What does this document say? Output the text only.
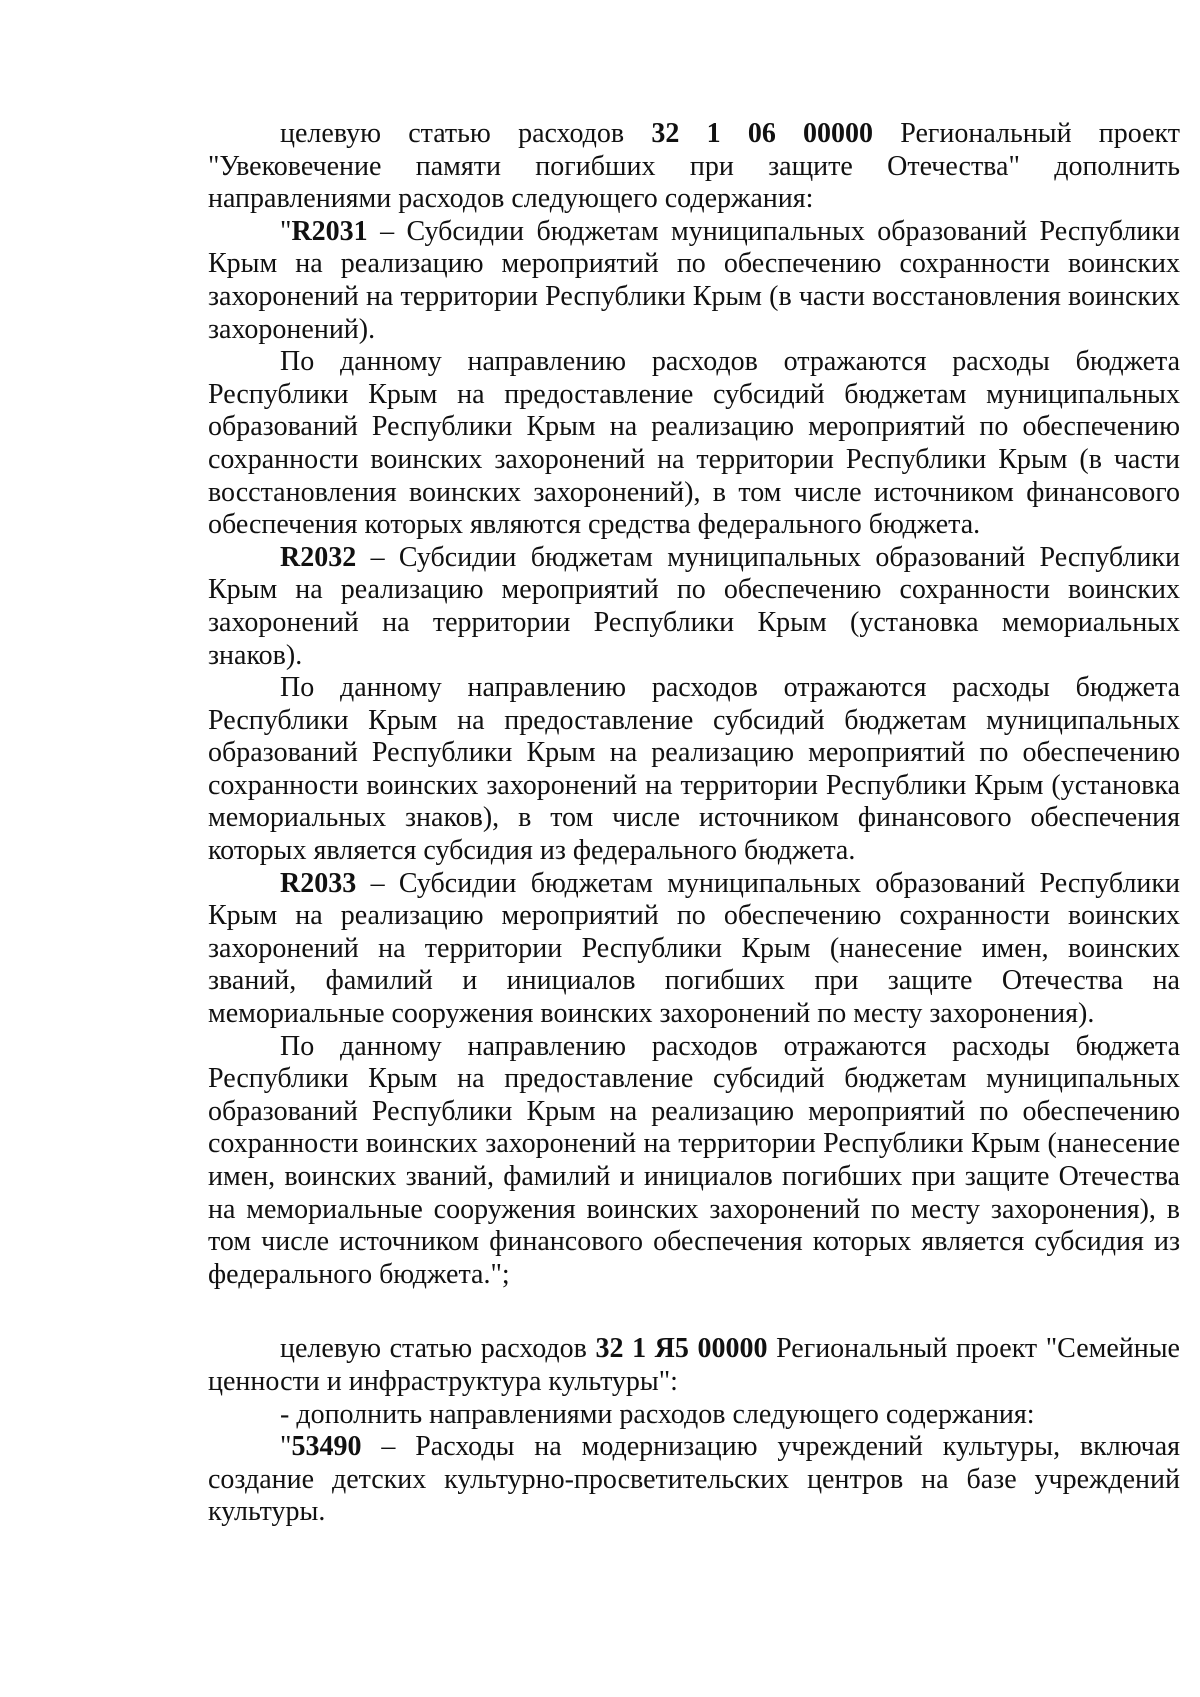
целевую статью расходов 32 1 06 00000 Региональный проект "Увековечение памяти погибших при защите Отечества" дополнить направлениями расходов следующего содержания:

"R2031 – Субсидии бюджетам муниципальных образований Республики Крым на реализацию мероприятий по обеспечению сохранности воинских захоронений на территории Республики Крым (в части восстановления воинских захоронений).

По данному направлению расходов отражаются расходы бюджета Республики Крым на предоставление субсидий бюджетам муниципальных образований Республики Крым на реализацию мероприятий по обеспечению сохранности воинских захоронений на территории Республики Крым (в части восстановления воинских захоронений), в том числе источником финансового обеспечения которых являются средства федерального бюджета.

R2032 – Субсидии бюджетам муниципальных образований Республики Крым на реализацию мероприятий по обеспечению сохранности воинских захоронений на территории Республики Крым (установка мемориальных знаков).

По данному направлению расходов отражаются расходы бюджета Республики Крым на предоставление субсидий бюджетам муниципальных образований Республики Крым на реализацию мероприятий по обеспечению сохранности воинских захоронений на территории Республики Крым (установка мемориальных знаков), в том числе источником финансового обеспечения которых является субсидия из федерального бюджета.

R2033 – Субсидии бюджетам муниципальных образований Республики Крым на реализацию мероприятий по обеспечению сохранности воинских захоронений на территории Республики Крым (нанесение имен, воинских званий, фамилий и инициалов погибших при защите Отечества на мемориальные сооружения воинских захоронений по месту захоронения).

По данному направлению расходов отражаются расходы бюджета Республики Крым на предоставление субсидий бюджетам муниципальных образований Республики Крым на реализацию мероприятий по обеспечению сохранности воинских захоронений на территории Республики Крым (нанесение имен, воинских званий, фамилий и инициалов погибших при защите Отечества на мемориальные сооружения воинских захоронений по месту захоронения), в том числе источником финансового обеспечения которых является субсидия из федерального бюджета.";

целевую статью расходов 32 1 Я5 00000 Региональный проект "Семейные ценности и инфраструктура культуры":

- дополнить направлениями расходов следующего содержания:

"53490 – Расходы на модернизацию учреждений культуры, включая создание детских культурно-просветительских центров на базе учреждений культуры.
